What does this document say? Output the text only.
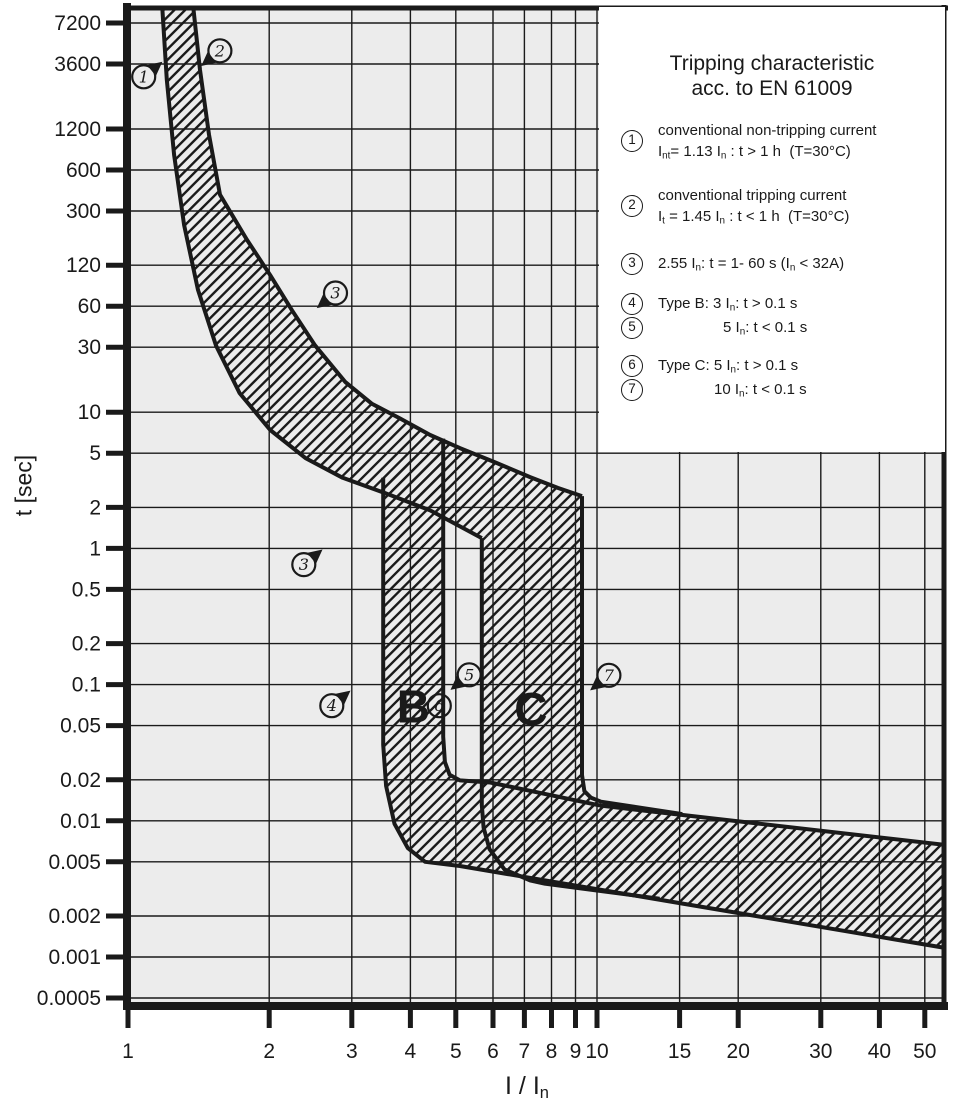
7200
3600
1200
600
300
120
60
30
10
5
2
1
0.5
0.2
0.1
0.05
0.02
0.01
0.005
0.002
0.001
0.0005
1	2	3 4 5 6 7 8 9 10	15 20	30 40 50
B C
1
2
3
3
4
5
6
7
t [sec]
I / $I_n$
Tripping characteristic
acc. to EN 61009
1
conventional non-tripping current
$I_{nt}= 1.13$ $I_n$ : t > 1 h  (T=30°C)
2
conventional tripping current
$I_t = 1.45$ $I_n$ : t < 1 h  (T=30°C)
3	2.55 $I_n$: t = 1- 60 s $(I_n < 32A)$
4	Type B: 3 $I_n$: t > 0.1 s
5	5 $I_n$: t < 0.1 s
6	Type C: 5 $I_n$: t > 0.1 s
7	10 $I_n$: t < 0.1 s
